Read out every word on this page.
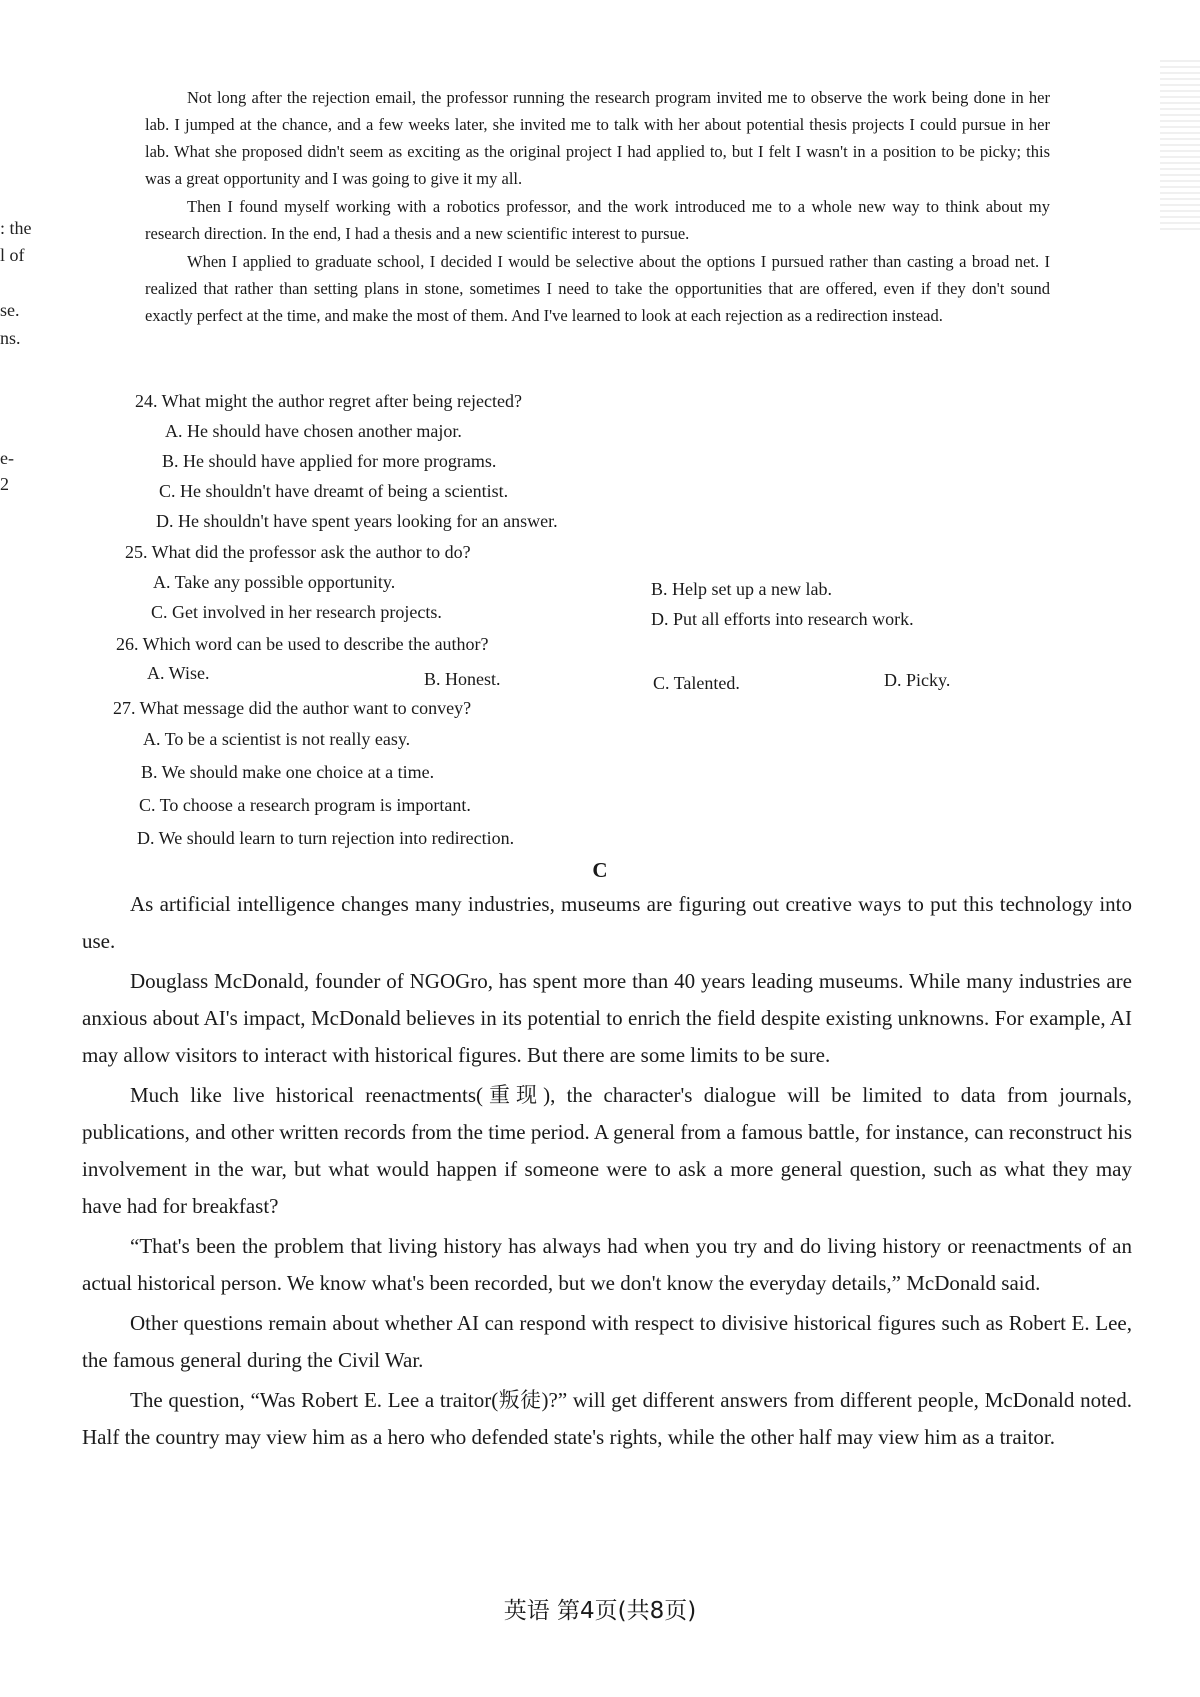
: the
l of
se.
ns.
e-
2

Not long after the rejection email, the professor running the research program invited me to observe the work being done in her lab. I jumped at the chance, and a few weeks later, she invited me to talk with her about potential thesis projects I could pursue in her lab. What she proposed didn't seem as exciting as the original project I had applied to, but I felt I wasn't in a position to be picky; this was a great opportunity and I was going to give it my all.

Then I found myself working with a robotics professor, and the work introduced me to a whole new way to think about my research direction. In the end, I had a thesis and a new scientific interest to pursue.

When I applied to graduate school, I decided I would be selective about the options I pursued rather than casting a broad net. I realized that rather than setting plans in stone, sometimes I need to take the opportunities that are offered, even if they don't sound exactly perfect at the time, and make the most of them. And I've learned to look at each rejection as a redirection instead.

24. What might the author regret after being rejected?
A. He should have chosen another major.
B. He should have applied for more programs.
C. He shouldn't have dreamt of being a scientist.
D. He shouldn't have spent years looking for an answer.
25. What did the professor ask the author to do?
A. Take any possible opportunity.	B. Help set up a new lab.
C. Get involved in her research projects.	D. Put all efforts into research work.
26. Which word can be used to describe the author?
A. Wise.	B. Honest.	C. Talented.	D. Picky.
27. What message did the author want to convey?
A. To be a scientist is not really easy.
B. We should make one choice at a time.
C. To choose a research program is important.
D. We should learn to turn rejection into redirection.
C

As artificial intelligence changes many industries, museums are figuring out creative ways to put this technology into use.

Douglass McDonald, founder of NGOGro, has spent more than 40 years leading museums. While many industries are anxious about AI's impact, McDonald believes in its potential to enrich the field despite existing unknowns. For example, AI may allow visitors to interact with historical figures. But there are some limits to be sure.

Much like live historical reenactments(重现), the character's dialogue will be limited to data from journals, publications, and other written records from the time period. A general from a famous battle, for instance, can reconstruct his involvement in the war, but what would happen if someone were to ask a more general question, such as what they may have had for breakfast?

“That's been the problem that living history has always had when you try and do living history or reenactments of an actual historical person. We know what's been recorded, but we don't know the everyday details,” McDonald said.

Other questions remain about whether AI can respond with respect to divisive historical figures such as Robert E. Lee, the famous general during the Civil War.

The question, “Was Robert E. Lee a traitor(叛徒)?” will get different answers from different people, McDonald noted. Half the country may view him as a hero who defended state's rights, while the other half may view him as a traitor.

英语 第4页(共8页)
